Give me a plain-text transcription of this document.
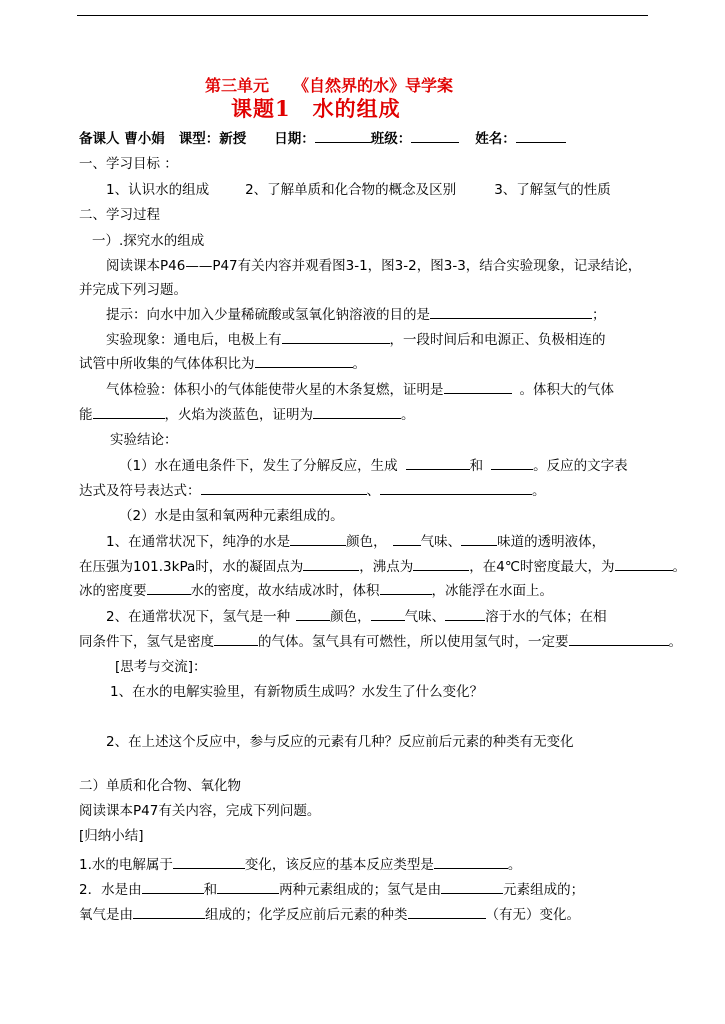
第三单元　　《自然界的水》导学案
课题1　水的组成
备课人 曹小娟 课型：新授 日期：	班级：	姓名：
一、学习目标 ：
1、认识水的组成	2、了解单质和化合物的概念及区别	3、了解氢气的性质
二、学习过程
一）.探究水的组成
阅读课本P46——P47有关内容并观看图3-1，图3-2，图3-3，结合实验现象，记录结论，
并完成下列习题。
提示：向水中加入少量稀硫酸或氢氧化钠溶液的目的是	；
实验现象：通电后，电极上有	，一段时间后和电源正、负极相连的
试管中所收集的气体体积比为	。
气体检验：体积小的气体能使带火星的木条复燃，证明是	。体积大的气体
能	，火焰为淡蓝色，证明为	。
实验结论：
（1）水在通电条件下，发生了分解反应，生成	和	。反应的文字表
达式及符号表达式：	、	。
（2）水是由氢和氧两种元素组成的。
1、在通常状况下，纯净的水是	颜色，	气味、	味道的透明液体，
在压强为101.3kPa时，水的凝固点为	，沸点为	，在4℃时密度最大，为	。
冰的密度要	水的密度，故水结成冰时，体积	，冰能浮在水面上。
2、在通常状况下，氢气是一种	颜色，	气味、	溶于水的气体；在相
同条件下，氢气是密度	的气体。氢气具有可燃性，所以使用氢气时，一定要	。
[思考与交流]：
1、在水的电解实验里，有新物质生成吗？水发生了什么变化？
2、在上述这个反应中，参与反应的元素有几种？反应前后元素的种类有无变化
二）单质和化合物、氧化物
阅读课本P47有关内容，完成下列问题。
[归纳小结]
1.水的电解属于	变化，该反应的基本反应类型是	。
2．水是由	和	两种元素组成的；氢气是由	元素组成的；
氧气是由	组成的；化学反应前后元素的种类	（有无）变化。
